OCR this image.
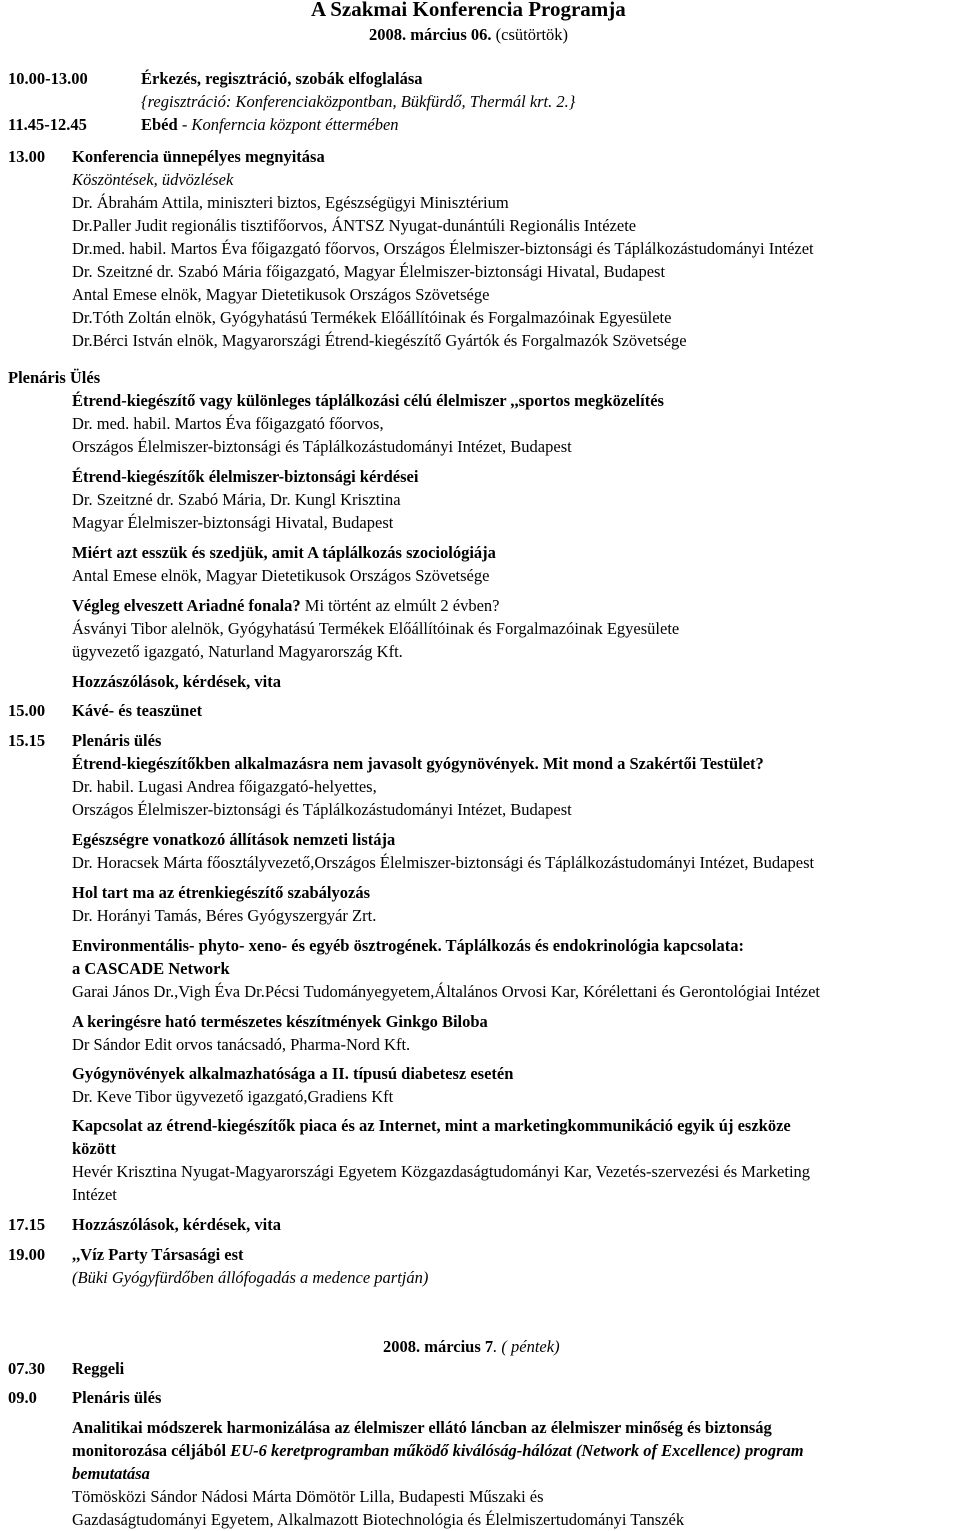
A Szakmai Konferencia Programja
2008. március 06. (csütörtök)
10.00-13.00	Érkezés, regisztráció, szobák elfoglalása
{regisztráció: Konferenciaközpontban, Bükfürdő, Thermál krt. 2.}
11.45-12.45	Ebéd - Konferncia központ éttermében
13.00 Konferencia ünnepélyes megnyitása
Köszöntések, üdvözlések
Dr. Ábrahám Attila, miniszteri biztos, Egészségügyi Minisztérium
Dr.Paller Judit regionális tisztifőorvos, ÁNTSZ Nyugat-dunántúli Regionális Intézete
Dr.med. habil. Martos Éva főigazgató főorvos, Országos Élelmiszer-biztonsági és Táplálkozástudományi Intézet
Dr. Szeitzné dr. Szabó Mária főigazgató, Magyar Élelmiszer-biztonsági Hivatal, Budapest
Antal Emese elnök, Magyar Dietetikusok Országos Szövetsége
Dr.Tóth Zoltán elnök, Gyógyhatású Termékek Előállítóinak és Forgalmazóinak Egyesülete
Dr.Bérci István elnök, Magyarországi Étrend-kiegészítő Gyártók és Forgalmazók Szövetsége
Plenáris Ülés
Étrend-kiegészítő vagy különleges táplálkozási célú élelmiszer ,,sportos megközelítés
Dr. med. habil. Martos Éva főigazgató főorvos,
Országos Élelmiszer-biztonsági és Táplálkozástudományi Intézet, Budapest
Étrend-kiegészítők élelmiszer-biztonsági kérdései
Dr. Szeitzné dr. Szabó Mária, Dr. Kungl Krisztina
Magyar Élelmiszer-biztonsági Hivatal, Budapest
Miért azt esszük és szedjük, amit A táplálkozás szociológiája
Antal Emese elnök, Magyar Dietetikusok Országos Szövetsége
Végleg elveszett Ariadné fonala? Mi történt az elmúlt 2 évben?
Ásványi Tibor alelnök, Gyógyhatású Termékek Előállítóinak és Forgalmazóinak Egyesülete
ügyvezető igazgató, Naturland Magyarország Kft.
Hozzászólások, kérdések, vita
15.00 Kávé- és teaszünet
15.15 Plenáris ülés
Étrend-kiegészítőkben alkalmazásra nem javasolt gyógynövények. Mit mond a Szakértői Testület?
Dr. habil. Lugasi Andrea főigazgató-helyettes,
Országos Élelmiszer-biztonsági és Táplálkozástudományi Intézet, Budapest
Egészségre vonatkozó állítások nemzeti listája
Dr. Horacsek Márta főosztályvezető,Országos Élelmiszer-biztonsági és Táplálkozástudományi Intézet, Budapest
Hol tart ma az étrenkiegészítő szabályozás
Dr. Horányi Tamás, Béres Gyógyszergyár Zrt.
Environmentális- phyto- xeno- és egyéb ösztrogének. Táplálkozás és endokrinológia kapcsolata:
a CASCADE Network
Garai János Dr.,Vigh Éva Dr.Pécsi Tudományegyetem,Általános Orvosi Kar, Kórélettani és Gerontológiai Intézet
A keringésre ható természetes készítmények Ginkgo Biloba
Dr Sándor Edit orvos tanácsadó, Pharma-Nord Kft.
Gyógynövények alkalmazhatósága a II. típusú diabetesz esetén
Dr. Keve Tibor ügyvezető igazgató,Gradiens Kft
Kapcsolat az étrend-kiegészítők piaca és az Internet, mint a marketingkommunikáció egyik új eszköze
között
Hevér Krisztina Nyugat-Magyarországi Egyetem Közgazdaságtudományi Kar, Vezetés-szervezési és Marketing
Intézet
17.15 Hozzászólások, kérdések, vita
19.00 ,,Víz Party Társasági est
(Büki Gyógyfürdőben állófogadás a medence partján)
2008. március 7. ( péntek)
07.30 Reggeli
09.0 Plenáris ülés
Analitikai módszerek harmonizálása az élelmiszer ellátó láncban az élelmiszer minőség és biztonság
monitorozása céljából EU-6 keretprogramban működő kiválóság-hálózat (Network of Excellence) program
bemutatása
Tömösközi Sándor Nádosi Márta Dömötör Lilla, Budapesti Műszaki és
Gazdaságtudományi Egyetem, Alkalmazott Biotechnológia és Élelmiszertudományi Tanszék
